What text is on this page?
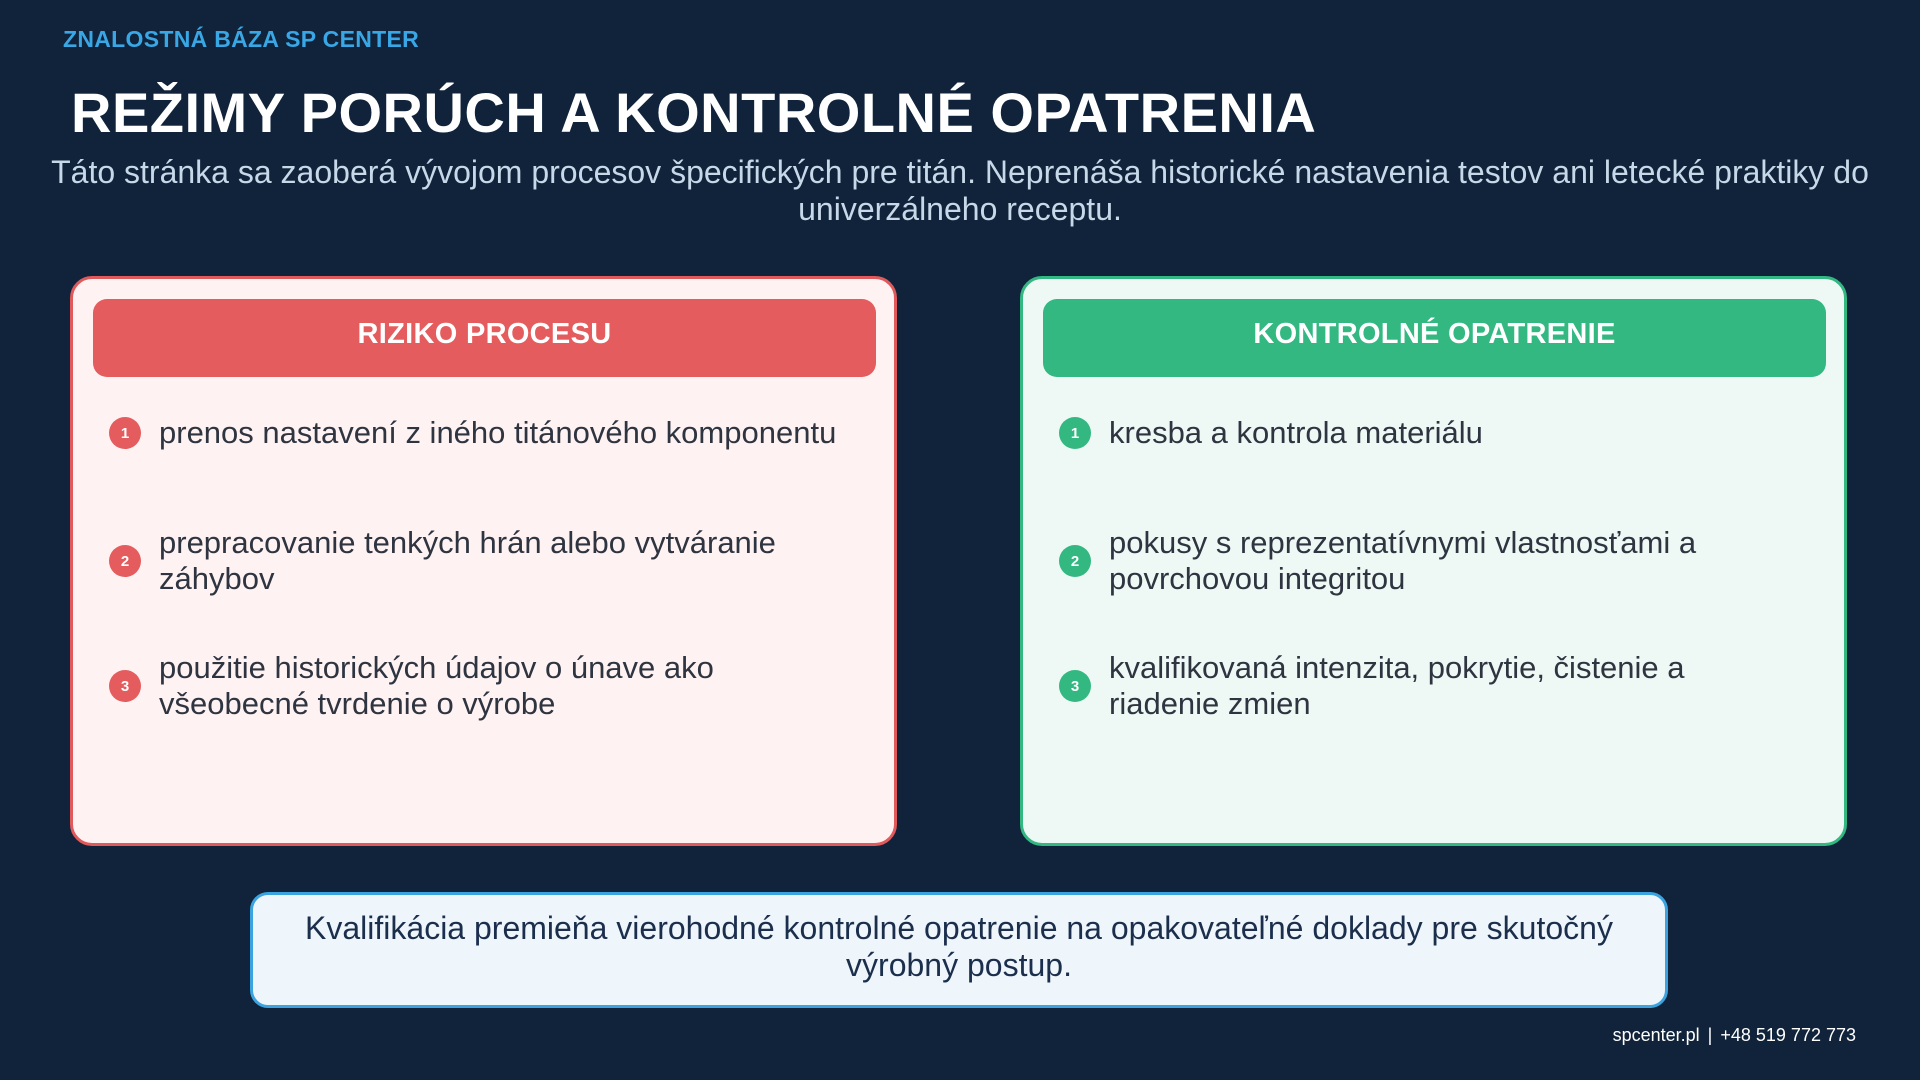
ZNALOSTNÁ BÁZA SP CENTER
REŽIMY PORÚCH A KONTROLNÉ OPATRENIA
Táto stránka sa zaoberá vývojom procesov špecifických pre titán. Neprenáša historické nastavenia testov ani letecké praktiky do univerzálneho receptu.
RIZIKO PROCESU
1 prenos nastavení z iného titánového komponentu
2
prepracovanie tenkých hrán alebo vytváranie záhybov
3
použitie historických údajov o únave ako všeobecné tvrdenie o výrobe
KONTROLNÉ OPATRENIE
1 kresba a kontrola materiálu
2
pokusy s reprezentatívnymi vlastnosťami a povrchovou integritou
3
kvalifikovaná intenzita, pokrytie, čistenie a riadenie zmien
Kvalifikácia premieňa vierohodné kontrolné opatrenie na opakovateľné doklady pre skutočný výrobný postup.
spcenter.pl | +48 519 772 773
